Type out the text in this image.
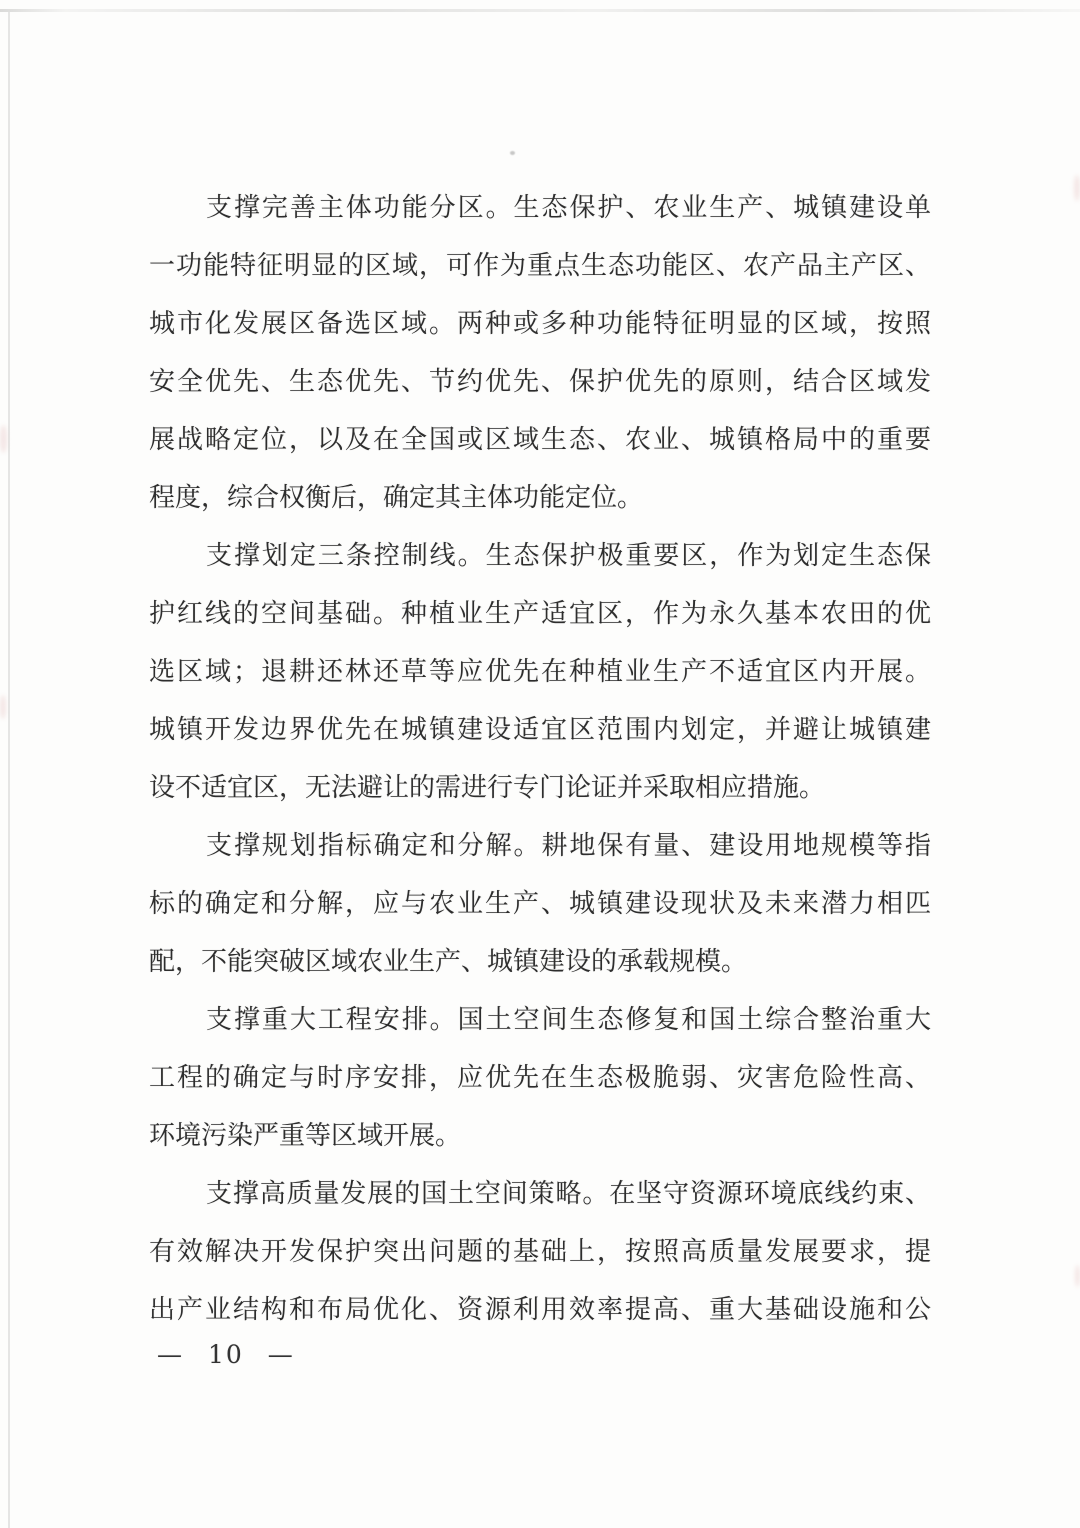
支撑完善主体功能分区。生态保护、农业生产、城镇建设单
一功能特征明显的区域，可作为重点生态功能区、农产品主产区、
城市化发展区备选区域。两种或多种功能特征明显的区域，按照
安全优先、生态优先、节约优先、保护优先的原则，结合区域发
展战略定位，以及在全国或区域生态、农业、城镇格局中的重要
程度，综合权衡后，确定其主体功能定位。
支撑划定三条控制线。生态保护极重要区，作为划定生态保
护红线的空间基础。种植业生产适宜区，作为永久基本农田的优
选区域；退耕还林还草等应优先在种植业生产不适宜区内开展。
城镇开发边界优先在城镇建设适宜区范围内划定，并避让城镇建
设不适宜区，无法避让的需进行专门论证并采取相应措施。
支撑规划指标确定和分解。耕地保有量、建设用地规模等指
标的确定和分解，应与农业生产、城镇建设现状及未来潜力相匹
配，不能突破区域农业生产、城镇建设的承载规模。
支撑重大工程安排。国土空间生态修复和国土综合整治重大
工程的确定与时序安排，应优先在生态极脆弱、灾害危险性高、
环境污染严重等区域开展。
支撑高质量发展的国土空间策略。在坚守资源环境底线约束、
有效解决开发保护突出问题的基础上，按照高质量发展要求，提
出产业结构和布局优化、资源利用效率提高、重大基础设施和公
— 10 —
